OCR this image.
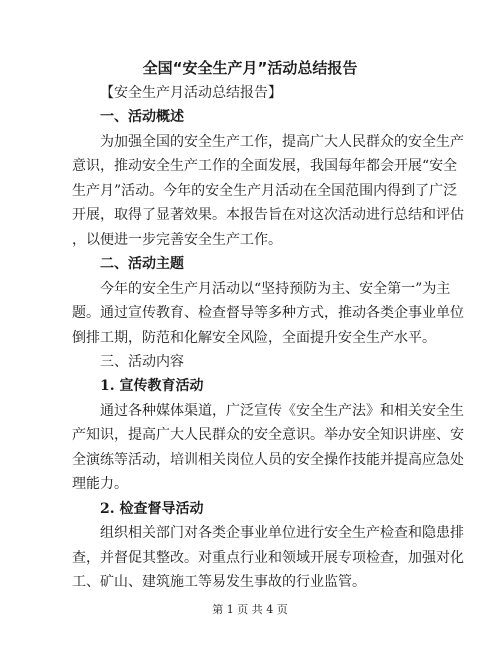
全国“安全生产月”活动总结报告
【安全生产月活动总结报告】
一、活动概述
为加强全国的安全生产工作，提高广大人民群众的安全生产
意识，推动安全生产工作的全面发展，我国每年都会开展“安全
生产月”活动。今年的安全生产月活动在全国范围内得到了广泛
开展，取得了显著效果。本报告旨在对这次活动进行总结和评估
，以便进一步完善安全生产工作。
二、活动主题
今年的安全生产月活动以“坚持预防为主、安全第一”为主
题。通过宣传教育、检查督导等多种方式，推动各类企事业单位
倒排工期，防范和化解安全风险，全面提升安全生产水平。
三、活动内容
1. 宣传教育活动
通过各种媒体渠道，广泛宣传《安全生产法》和相关安全生
产知识，提高广大人民群众的安全意识。举办安全知识讲座、安
全演练等活动，培训相关岗位人员的安全操作技能并提高应急处
理能力。
2. 检查督导活动
组织相关部门对各类企事业单位进行安全生产检查和隐患排
查，并督促其整改。对重点行业和领域开展专项检查，加强对化
工、矿山、建筑施工等易发生事故的行业监管。
第 1 页 共 4 页
